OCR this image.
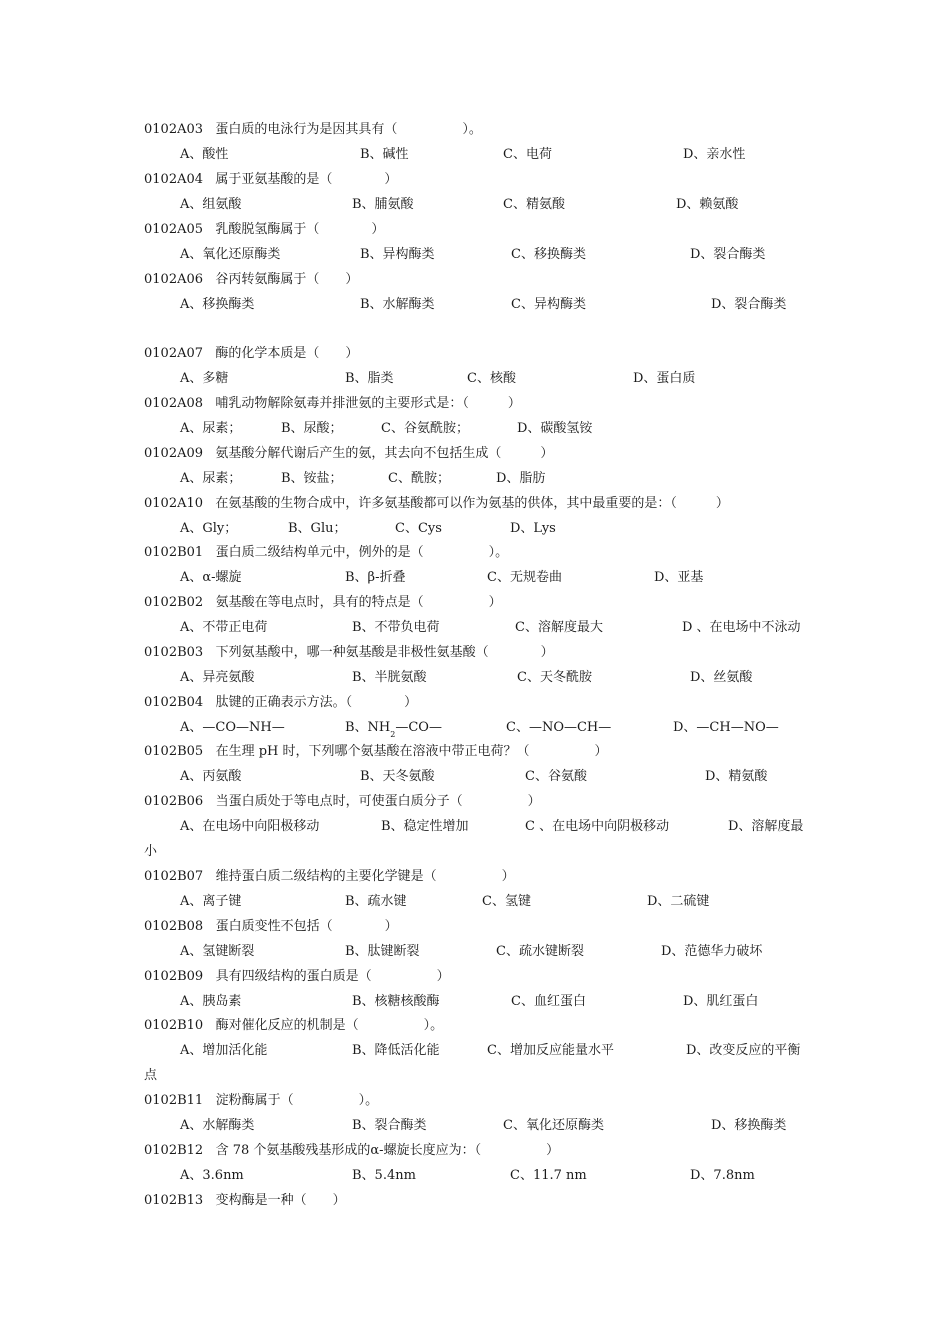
0102A03 蛋白质的电泳行为是因其具有（　　　　　）。
A、酸性	B、碱性	C、电荷	D、亲水性
0102A04 属于亚氨基酸的是（　　　　）
A、组氨酸	B、脯氨酸	C、精氨酸	D、赖氨酸
0102A05 乳酸脱氢酶属于（　　　　）
A、氧化还原酶类	B、异构酶类	C、移换酶类	D、裂合酶类
0102A06 谷丙转氨酶属于（　　）
A、移换酶类	B、水解酶类	C、异构酶类	D、裂合酶类
0102A07 酶的化学本质是（　　）
A、多糖	B、脂类	C、核酸	D、蛋白质
0102A08 哺乳动物解除氨毒并排泄氨的主要形式是：（　　　）
A、尿素；	B、尿酸；	C、谷氨酰胺；	D、碳酸氢铵
0102A09 氨基酸分解代谢后产生的氨，其去向不包括生成（　　　）
A、尿素；	B、铵盐；	C、酰胺；	D、脂肪
0102A10 在氨基酸的生物合成中，许多氨基酸都可以作为氨基的供体，其中最重要的是：（　　　）
A、Gly；	B、Glu；	C、Cys	D、Lys
0102B01 蛋白质二级结构单元中，例外的是（　　　　　）。
A、α-螺旋	B、β-折叠	C、无规卷曲	D、亚基
0102B02 氨基酸在等电点时，具有的特点是（　　　　　）
A、不带正电荷	B、不带负电荷	C、溶解度最大	D 、在电场中不泳动
0102B03 下列氨基酸中，哪一种氨基酸是非极性氨基酸（　　　　）
A、异亮氨酸	B、半胱氨酸	C、天冬酰胺	D、丝氨酸
0102B04 肽键的正确表示方法。（　　　　）
A、—CO—NH—	B、$NH_2—CO—$	C、—NO—CH—	D、—CH—NO—
0102B05 在生理 pH 时，下列哪个氨基酸在溶液中带正电荷？（　　　　　）
A、丙氨酸	B、天冬氨酸	C、谷氨酸	D、精氨酸
0102B06 当蛋白质处于等电点时，可使蛋白质分子（　　　　　）
A、在电场中向阳极移动	B、稳定性增加	C 、在电场中向阴极移动	D、溶解度最
小
0102B07 维持蛋白质二级结构的主要化学键是（　　　　　）
A、离子键	B、疏水键	C、氢键	D、二硫键
0102B08 蛋白质变性不包括（　　　　）
A、氢键断裂	B、肽键断裂	C、疏水键断裂	D、范德华力破坏
0102B09 具有四级结构的蛋白质是（　　　　　）
A、胰岛素	B、核糖核酸酶	C、血红蛋白	D、肌红蛋白
0102B10 酶对催化反应的机制是（　　　　　）。
A、增加活化能	B、降低活化能	C、增加反应能量水平	D、改变反应的平衡
点
0102B11 淀粉酶属于（　　　　　）。
A、水解酶类	B、裂合酶类	C、氧化还原酶类	D、移换酶类
0102B12 含 78 个氨基酸残基形成的α-螺旋长度应为：（　　　　　）
A、3.6nm	B、5.4nm	C、11.7 nm	D、7.8nm
0102B13 变构酶是一种（　　）
